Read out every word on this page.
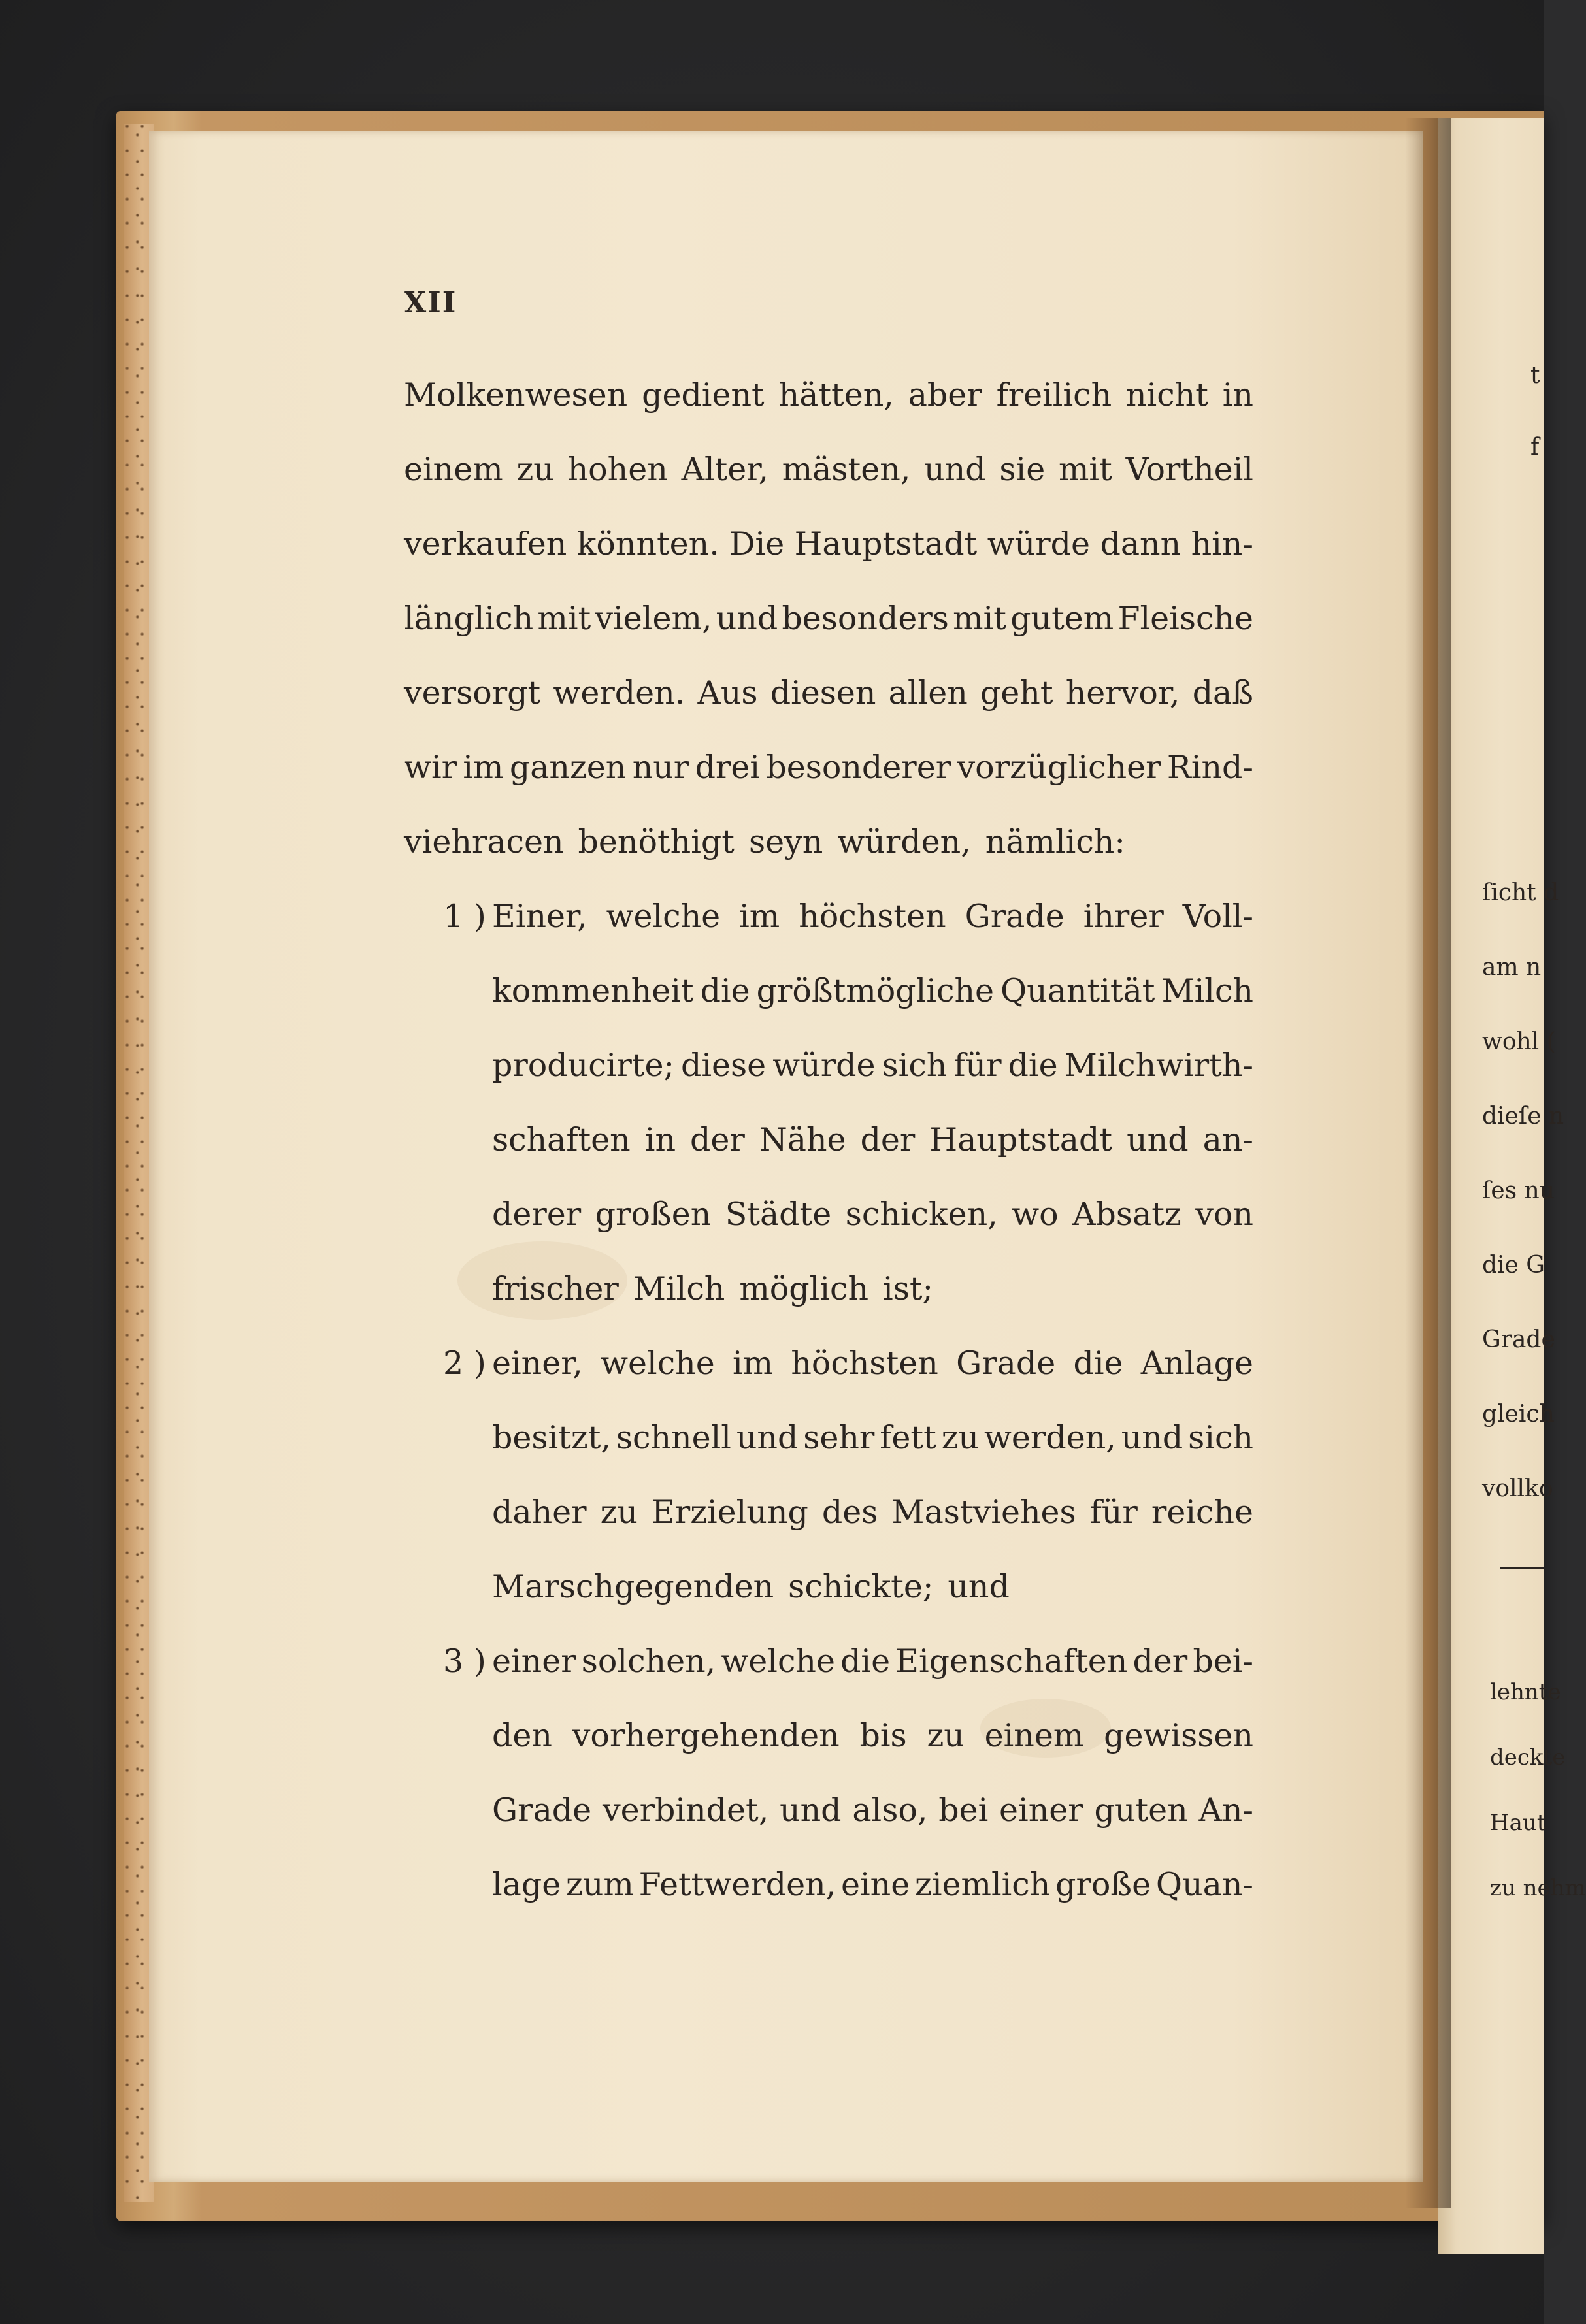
XII
Molkenwesen gedient hätten, aber freilich nicht in
einem zu hohen Alter, mästen, und sie mit Vortheil
verkaufen könnten. Die Hauptstadt würde dann hin-
länglich mit vielem, und besonders mit gutem Fleische
versorgt werden. Aus diesen allen geht hervor, daß
wir im ganzen nur drei besonderer vorzüglicher Rind-
viehracen benöthigt seyn würden, nämlich:
1 ) Einer, welche im höchsten Grade ihrer Voll-
kommenheit die größtmögliche Quantität Milch
producirte; diese würde sich für die Milchwirth-
schaften in der Nähe der Hauptstadt und an-
derer großen Städte schicken, wo Absatz von
frischer Milch möglich ist;
2 ) einer, welche im höchsten Grade die Anlage
besitzt, schnell und sehr fett zu werden, und sich
daher zu Erzielung des Mastviehes für reiche
Marschgegenden schickte; und
3 ) einer solchen, welche die Eigenschaften der bei-
den vorhergehenden bis zu einem gewissen
Grade verbindet, und also, bei einer guten An-
lage zum Fettwerden, eine ziemlich große Quan-
t
f
ſicht d
am n
wohl (
dieſe n
ſes nu
die G
Grade
gleich
vollko
lehnte
deckte
Haut
zu nehm
